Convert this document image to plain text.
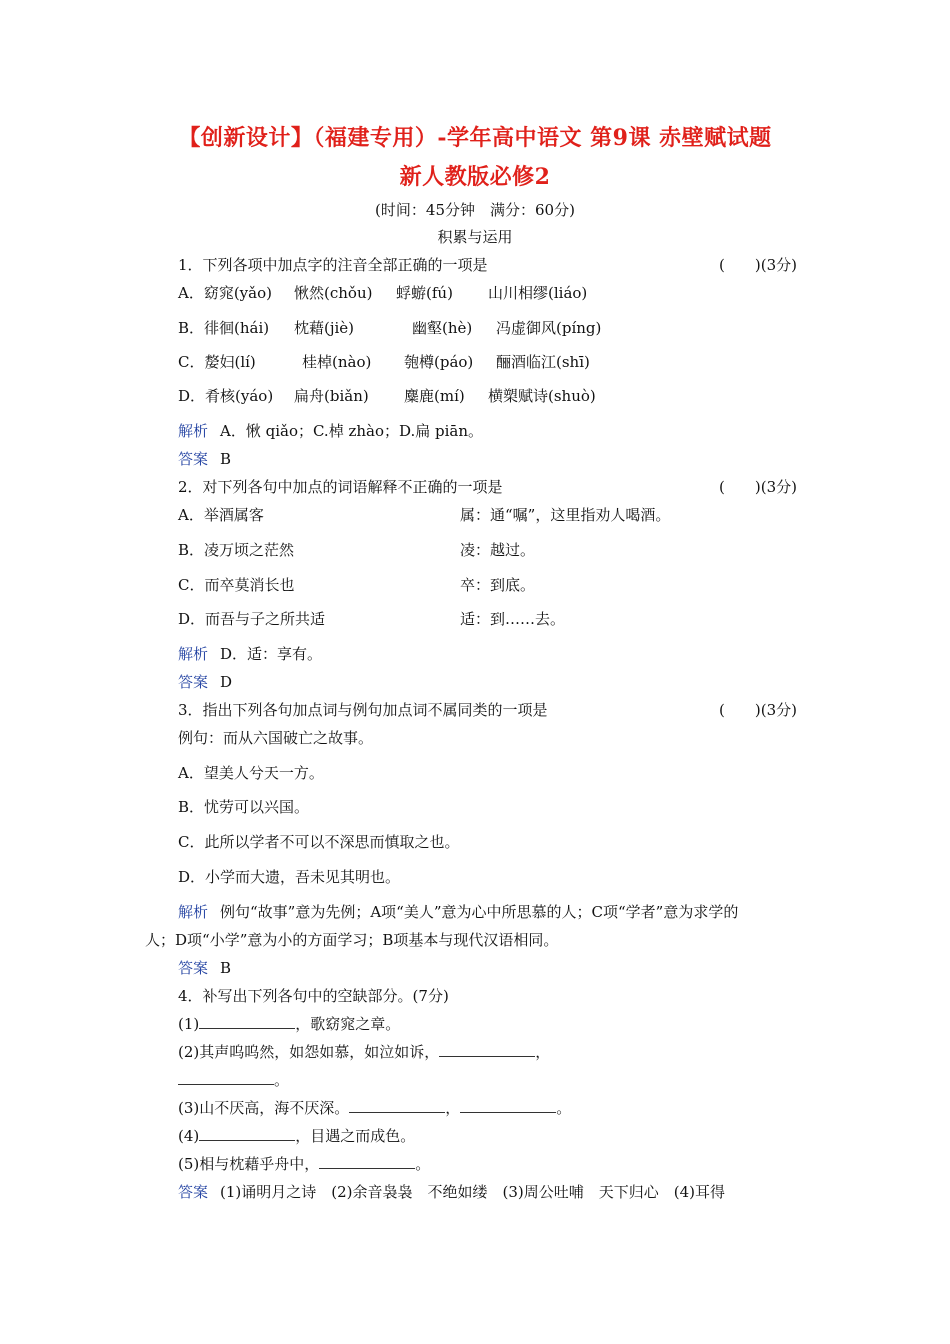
【创新设计】（福建专用）-学年高中语文 第9课 赤壁赋试题
新人教版必修2
(时间：45分钟　满分：60分)
积累与运用
1．下列各项中加点字的注音全部正确的一项是	(　　)(3分)
A．窈窕(yǎo) 愀然(chǒu) 蜉蝣(fú) 山川相缪(liáo)
B．徘徊(hái) 枕藉(jiè)	幽壑(hè) 冯虚御风(píng)
C．嫠妇(lí)	桂棹(nào) 匏樽(páo) 酾酒临江(shī)
D．肴核(yáo) 扁舟(biǎn) 麋鹿(mí) 横槊赋诗(shuò)
解析 A．愀 qiǎo；C.棹 zhào；D.扁 piān。
答案 B
2．对下列各句中加点的词语解释不正确的一项是	(　　)(3分)
A．举酒属客	属：通“嘱”，这里指劝人喝酒。
B．凌万顷之茫然	凌：越过。
C．而卒莫消长也	卒：到底。
D．而吾与子之所共适	适：到……去。
解析 D．适：享有。
答案 D
3．指出下列各句加点词与例句加点词不属同类的一项是	(　　)(3分)
例句：而从六国破亡之故事。
A．望美人兮天一方。
B．忧劳可以兴国。
C．此所以学者不可以不深思而慎取之也。
D．小学而大遗，吾未见其明也。
解析 例句“故事”意为先例；A项“美人”意为心中所思慕的人；C项“学者”意为求学的
人；D项“小学”意为小的方面学习；B项基本与现代汉语相同。
答案 B
4．补写出下列各句中的空缺部分。(7分)
(1)	，歌窈窕之章。
(2)其声呜呜然，如怨如慕，如泣如诉，	，
。
(3)山不厌高，海不厌深。	，	。
(4)	，目遇之而成色。
(5)相与枕藉乎舟中，	。
答案 (1)诵明月之诗　(2)余音袅袅　不绝如缕　(3)周公吐哺　天下归心　(4)耳得
